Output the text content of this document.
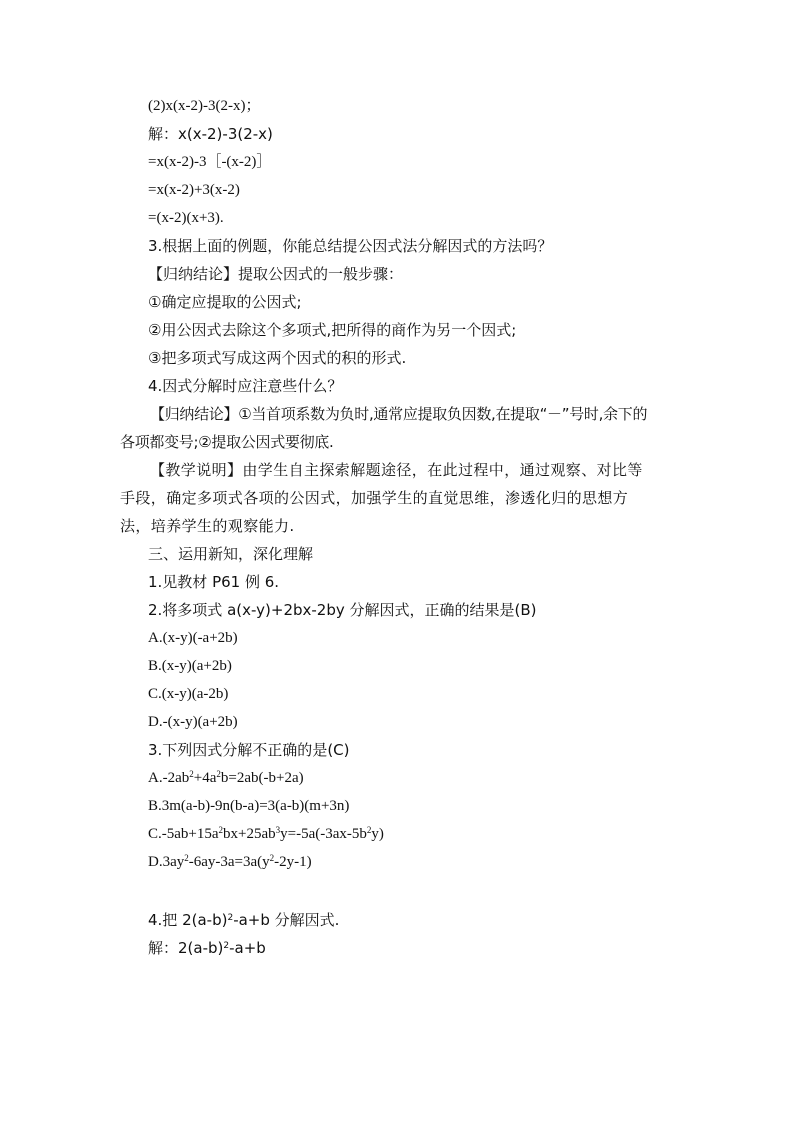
(2)x(x-2)-3(2-x)；
解：x(x-2)-3(2-x)
=x(x-2)-3［-(x-2)］
=x(x-2)+3(x-2)
=(x-2)(x+3).
3.根据上面的例题，你能总结提公因式法分解因式的方法吗？
【归纳结论】提取公因式的一般步骤：
①确定应提取的公因式;
②用公因式去除这个多项式,把所得的商作为另一个因式;
③把多项式写成这两个因式的积的形式.
4.因式分解时应注意些什么？
【归纳结论】①当首项系数为负时,通常应提取负因数,在提取“－”号时,余下的各项都变号;②提取公因式要彻底.
【教学说明】由学生自主探索解题途径，在此过程中，通过观察、对比等手段，确定多项式各项的公因式，加强学生的直觉思维，渗透化归的思想方法，培养学生的观察能力.
三、运用新知，深化理解
1.见教材 P61 例 6.
2.将多项式 a(x-y)+2bx-2by 分解因式，正确的结果是(B)
A.(x-y)(-a+2b)
B.(x-y)(a+2b)
C.(x-y)(a-2b)
D.-(x-y)(a+2b)
3.下列因式分解不正确的是(C)
$A.-2ab^2+4a^2b=2ab(-b+2a)$
B.3m(a-b)-9n(b-a)=3(a-b)(m+3n)
$C.-5ab+15a^2bx+25ab^3y=-5a(-3ax-5b^2y)$
$D.3ay^2-6ay-3a=3a(y^2-2y-1)$
4.把 $2(a-b)^2-a+b$ 分解因式.
解：$2(a-b)^2-a+b$
